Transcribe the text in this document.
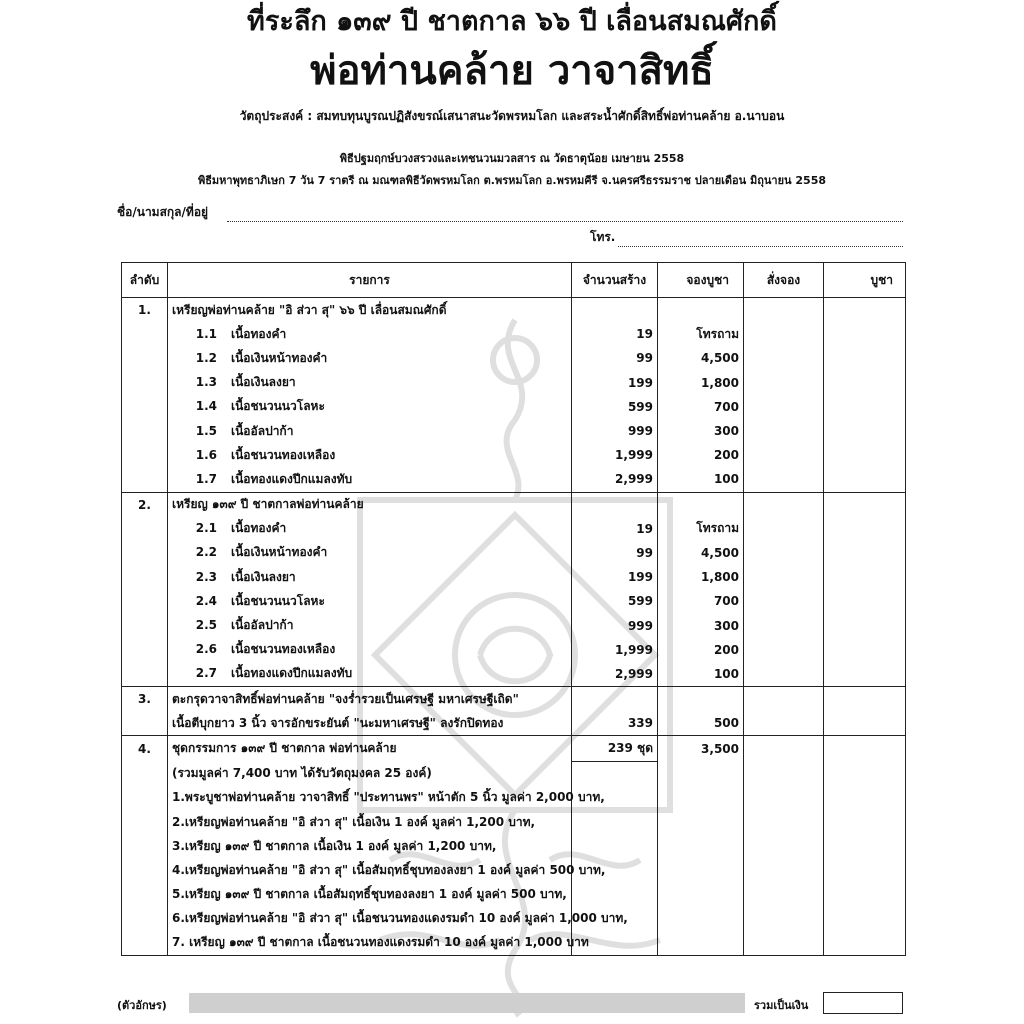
ที่ระลึก ๑๓๙ ปี ชาตกาล ๖๖ ปี เลื่อนสมณศักดิ์
พ่อท่านคล้าย วาจาสิทธิ์
วัตถุประสงค์ : สมทบทุนบูรณปฏิสังขรณ์เสนาสนะวัดพรหมโลก และสระน้ำศักดิ์สิทธิ์พ่อท่านคล้าย อ.นาบอน
พิธีปฐมฤกษ์บวงสรวงและเทชนวนมวลสาร ณ วัดธาตุน้อย เมษายน 2558
พิธีมหาพุทธาภิเษก 7 วัน 7 ราตรี ณ มณฑลพิธีวัดพรหมโลก ต.พรหมโลก อ.พรหมคีรี จ.นครศรีธรรมราช ปลายเดือน มิถุนายน 2558
ชื่อ/นามสกุล/ที่อยู่
โทร.
ลำดับ	รายการ	จำนวนสร้าง	จองบูชา	สั่งจอง	บูชา
1.	เหรียญพ่อท่านคล้าย "อิ ส่วา สุ" ๖๖ ปี เลื่อนสมณศักดิ์				
	1.1 เนื้อทองคำ	19	โทรถาม		
	1.2 เนื้อเงินหน้าทองคำ	99	4,500		
	1.3 เนื้อเงินลงยา	199	1,800		
	1.4 เนื้อชนวนนวโลหะ	599	700		
	1.5 เนื้ออัลปาก้า	999	300		
	1.6 เนื้อชนวนทองเหลือง	1,999	200		
	1.7 เนื้อทองแดงปีกแมลงทับ	2,999	100		
2.	เหรียญ ๑๓๙ ปี ชาตกาลพ่อท่านคล้าย				
	2.1 เนื้อทองคำ	19	โทรถาม		
	2.2 เนื้อเงินหน้าทองคำ	99	4,500		
	2.3 เนื้อเงินลงยา	199	1,800		
	2.4 เนื้อชนวนนวโลหะ	599	700		
	2.5 เนื้ออัลปาก้า	999	300		
	2.6 เนื้อชนวนทองเหลือง	1,999	200		
	2.7 เนื้อทองแดงปีกแมลงทับ	2,999	100		
3.	ตะกรุดวาจาสิทธิ์พ่อท่านคล้าย "จงร่ำรวยเป็นเศรษฐี มหาเศรษฐีเถิด"				
	เนื้อตีบุกยาว 3 นิ้ว จารอักขระยันต์ "นะมหาเศรษฐี" ลงรักปิดทอง	339	500		
4.	ชุดกรรมการ ๑๓๙ ปี ชาตกาล พ่อท่านคล้าย	239 ชุด	3,500		
	(รวมมูลค่า 7,400 บาท ได้รับวัตถุมงคล 25 องค์)				
	1.พระบูชาพ่อท่านคล้าย วาจาสิทธิ์ "ประทานพร" หน้าตัก 5 นิ้ว มูลค่า 2,000 บาท,				
	2.เหรียญพ่อท่านคล้าย "อิ ส่วา สุ" เนื้อเงิน 1 องค์ มูลค่า 1,200 บาท,				
	3.เหรียญ ๑๓๙ ปี ชาตกาล เนื้อเงิน 1 องค์ มูลค่า 1,200 บาท,				
	4.เหรียญพ่อท่านคล้าย "อิ ส่วา สุ" เนื้อสัมฤทธิ์ชุบทองลงยา 1 องค์ มูลค่า 500 บาท,				
	5.เหรียญ ๑๓๙ ปี ชาตกาล เนื้อสัมฤทธิ์ชุบทองลงยา 1 องค์ มูลค่า 500 บาท,				
	6.เหรียญพ่อท่านคล้าย "อิ ส่วา สุ" เนื้อชนวนทองแดงรมดำ 10 องค์ มูลค่า 1,000 บาท,				
	7. เหรียญ ๑๓๙ ปี ชาตกาล เนื้อชนวนทองแดงรมดำ 10 องค์ มูลค่า 1,000 บาท				
(ตัวอักษร)	รวมเป็นเงิน
